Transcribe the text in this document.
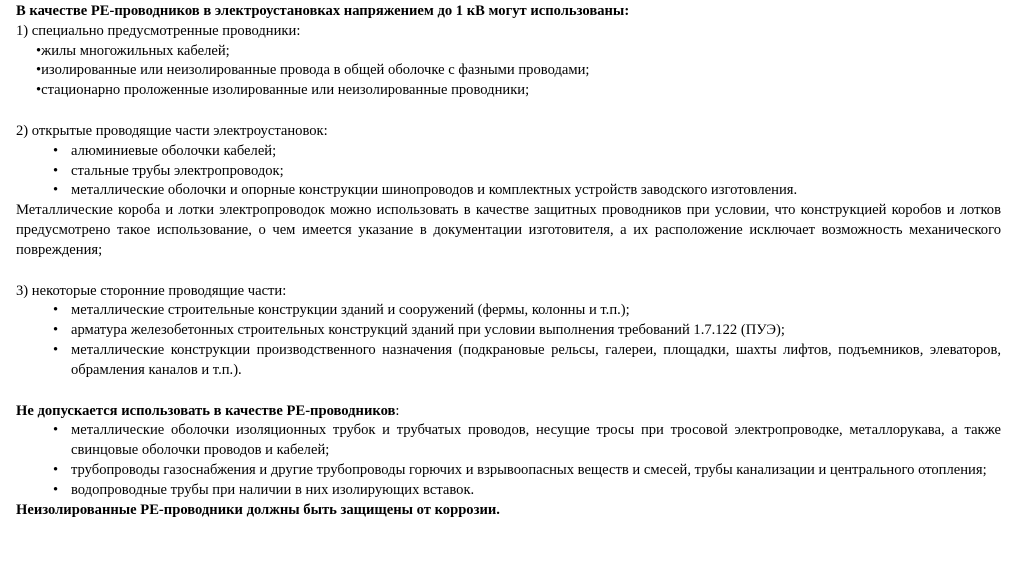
В качестве PE-проводников в электроустановках напряжением до 1 кВ могут использованы:

1) специально предусмотренные проводники:

•жилы многожильных кабелей;
•изолированные или неизолированные провода в общей оболочке с фазными проводами;
•стационарно проложенные изолированные или неизолированные проводники;

2) открытые проводящие части электроустановок:

• алюминиевые оболочки кабелей;
• стальные трубы электропроводок;
• металлические оболочки и опорные конструкции шинопроводов и комплектных устройств заводского изготовления.

Металлические короба и лотки электропроводок можно использовать в качестве защитных проводников при условии, что конструкцией коробов и лотков предусмотрено такое использование, о чем имеется указание в документации изготовителя, а их расположение исключает возможность механического повреждения;

3) некоторые сторонние проводящие части:

• металлические строительные конструкции зданий и сооружений (фермы, колонны и т.п.);
• арматура железобетонных строительных конструкций зданий при условии выполнения требований 1.7.122 (ПУЭ);
• металлические конструкции производственного назначения (подкрановые рельсы, галереи, площадки, шахты лифтов, подъемников, элеваторов, обрамления каналов и т.п.).

Не допускается использовать в качестве PE-проводников:

• металлические оболочки изоляционных трубок и трубчатых проводов, несущие тросы при тросовой электропроводке, металлорукава, а также свинцовые оболочки проводов и кабелей;
• трубопроводы газоснабжения и другие трубопроводы горючих и взрывоопасных веществ и смесей, трубы канализации и центрального отопления;
• водопроводные трубы при наличии в них изолирующих вставок.

Неизолированные PE-проводники должны быть защищены от коррозии.
